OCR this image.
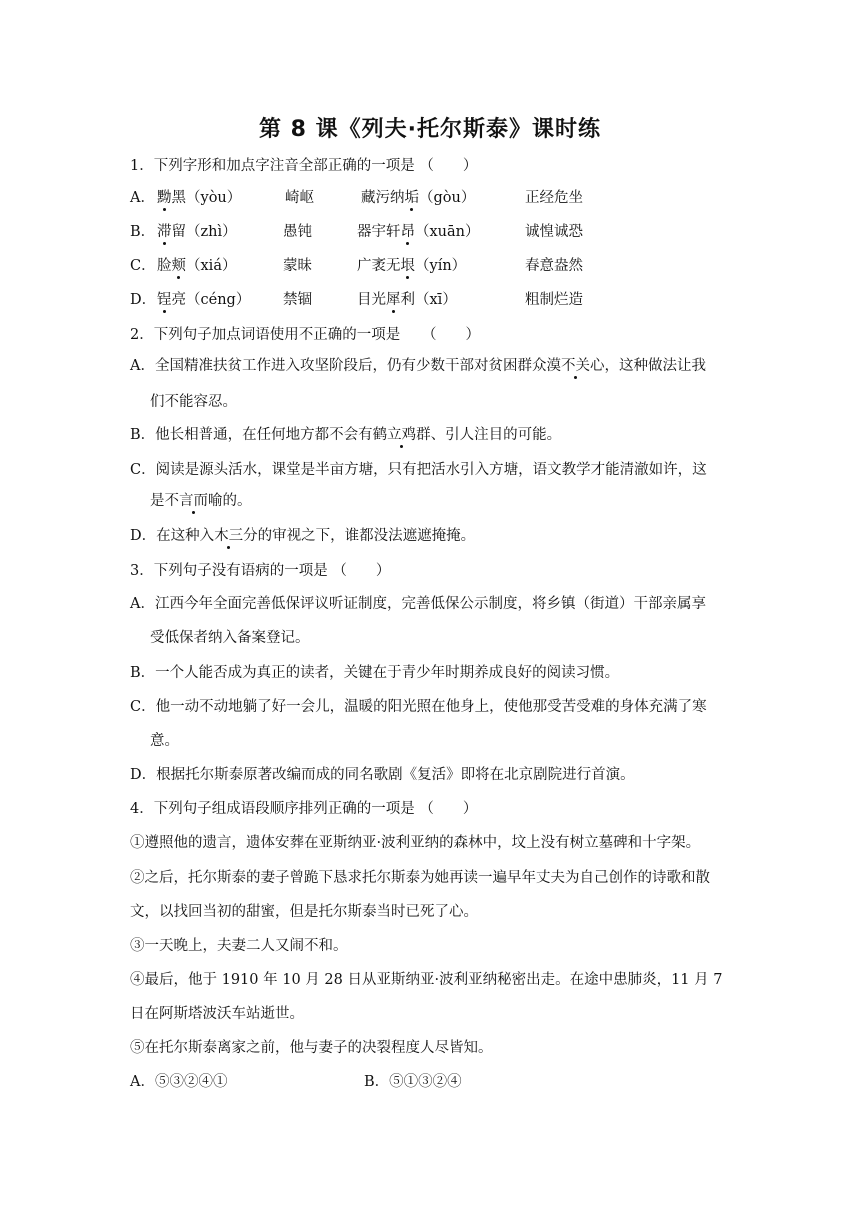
第 8 课《列夫·托尔斯泰》课时练
1．下列字形和加点字注音全部正确的一项是 （　　）
A． 黝黑（yòu）	崎岖	藏污纳垢（gòu）	正经危坐
B． 滞留（zhì）	愚钝	器宇轩昂（xuān）	诚惶诚恐
C． 脸颊（xiá）	蒙昧	广袤无垠（yín）	春意盎然
D． 锃亮（céng） 禁锢	目光犀利（xī）	粗制烂造
2．下列句子加点词语使用不正确的一项是　　（　　）
A．全国精准扶贫工作进入攻坚阶段后，仍有少数干部对贫困群众漠不关心，这种做法让我
们不能容忍。
B．他长相普通，在任何地方都不会有鹤立鸡群、引人注目的可能。
C．阅读是源头活水，课堂是半亩方塘，只有把活水引入方塘，语文教学才能清澈如许，这
是不言而喻的。
D．在这种入木三分的审视之下，谁都没法遮遮掩掩。
3．下列句子没有语病的一项是 （　　）
A．江西今年全面完善低保评议听证制度，完善低保公示制度，将乡镇（街道）干部亲属享
受低保者纳入备案登记。
B．一个人能否成为真正的读者，关键在于青少年时期养成良好的阅读习惯。
C．他一动不动地躺了好一会儿，温暖的阳光照在他身上，使他那受苦受难的身体充满了寒
意。
D．根据托尔斯泰原著改编而成的同名歌剧《复活》即将在北京剧院进行首演。
4．下列句子组成语段顺序排列正确的一项是 （　　）
①遵照他的遗言，遗体安葬在亚斯纳亚·波利亚纳的森林中，坟上没有树立墓碑和十字架。
②之后，托尔斯泰的妻子曾跪下恳求托尔斯泰为她再读一遍早年丈夫为自己创作的诗歌和散
文，以找回当初的甜蜜，但是托尔斯泰当时已死了心。
③一天晚上，夫妻二人又闹不和。
④最后，他于 1910 年 10 月 28 日从亚斯纳亚·波利亚纳秘密出走。在途中患肺炎，11 月 7
日在阿斯塔波沃车站逝世。
⑤在托尔斯泰离家之前，他与妻子的决裂程度人尽皆知。
A．⑤③②④①	B．⑤①③②④
